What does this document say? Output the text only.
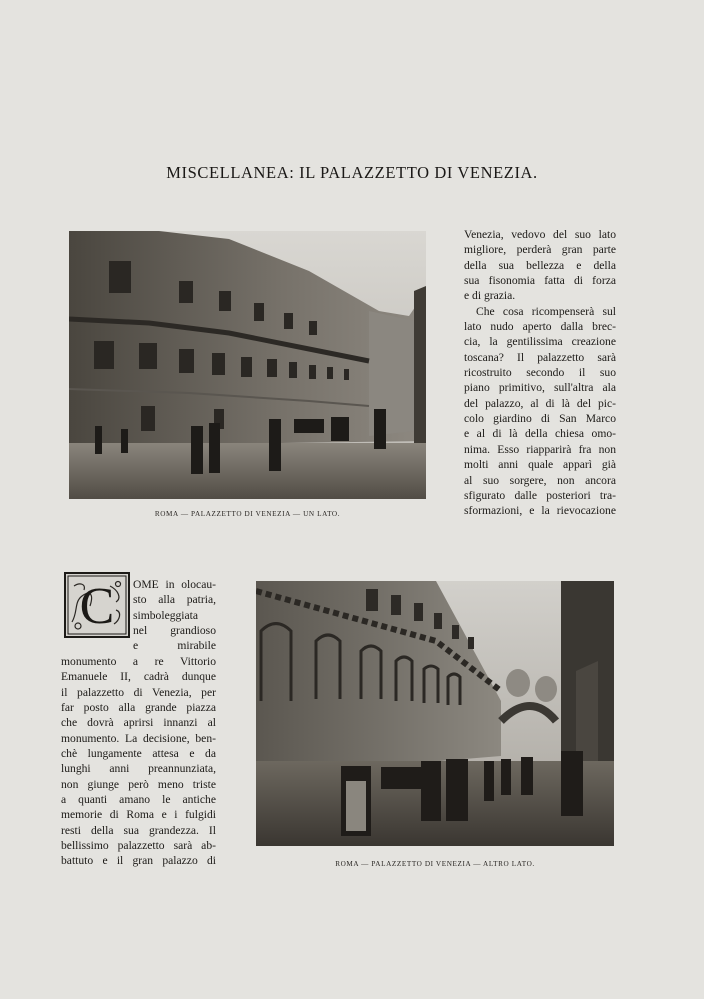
MISCELLANEA: IL PALAZZETTO DI VENEZIA.
ROMA — PALAZZETTO DI VENEZIA — UN LATO.
Venezia, vedovo del suo lato
migliore, perderà gran parte
della sua bellezza e della
sua fisonomia fatta di forza
e di grazia.
Che cosa ricompenserà sul
lato nudo aperto dalla brec-
cia, la gentilissima creazione
toscana? Il palazzetto sarà
ricostruito secondo il suo
piano primitivo, sull'altra ala
del palazzo, al di là del pic-
colo giardino di San Marco
e al di là della chiesa omo-
nima. Esso riapparirà fra non
molti anni quale apparì già
al suo sorgere, non ancora
sfigurato dalle posteriori tra-
sformazioni, e la rievocazione
C OME in olocau-
sto alla patria,
simboleggiata
nel grandioso
e mirabile
monumento a re Vittorio
Emanuele II, cadrà dunque
il palazzetto di Venezia, per
far posto alla grande piazza
che dovrà aprirsi innanzi al
monumento. La decisione, ben-
chè lungamente attesa e da
lunghi anni preannunziata,
non giunge però meno triste
a quanti amano le antiche
memorie di Roma e i fulgidi
resti della sua grandezza. Il
bellissimo palazzetto sarà ab-
battuto e il gran palazzo di	ROMA — PALAZZETTO DI VENEZIA — ALTRO LATO.
